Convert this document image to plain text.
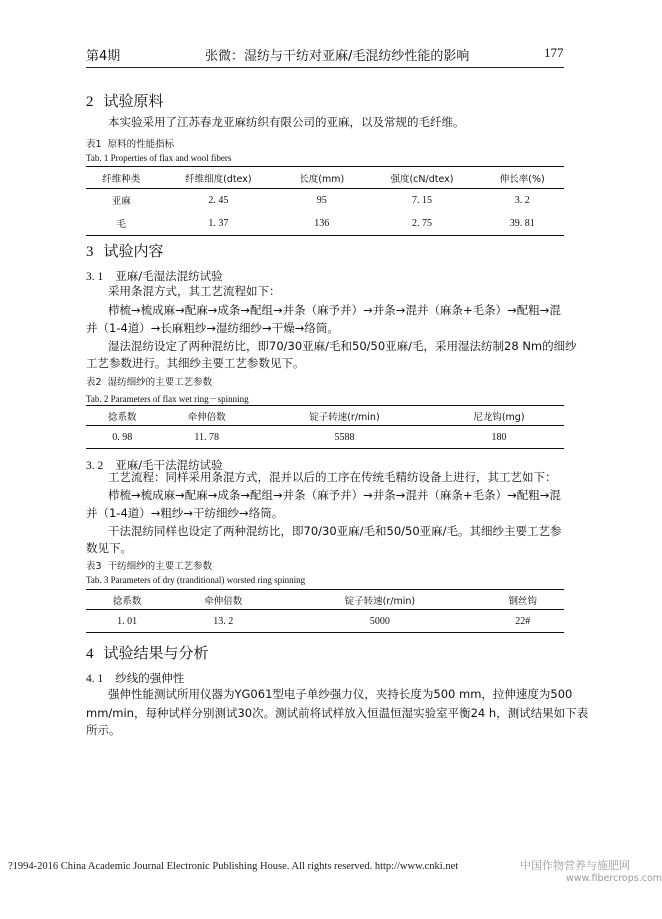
第4期	张微：湿纺与干纺对亚麻/毛混纺纱性能的影响	177
2 试验原料
本实验采用了江苏春龙亚麻纺织有限公司的亚麻，以及常规的毛纤维。
表1 原料的性能指标
Tab. 1 Properties of flax and wool fibers
纤维种类	纤维细度(dtex)	长度(mm)	强度(cN/dtex)	伸长率(%)
亚麻	2. 45	95	7. 15	3. 2
毛	1. 37	136	2. 75	39. 81
3 试验内容
3. 1 亚麻/毛湿法混纺试验
采用条混方式，其工艺流程如下：
栉梳→梳成麻→配麻→成条→配组→并条（麻予并）→并条→混并（麻条+毛条）→配粗→混
并（1-4道）→长麻粗纱→湿纺细纱→干燥→络筒。
湿法混纺设定了两种混纺比，即70/30亚麻/毛和50/50亚麻/毛，采用湿法纺制28 Nm的细纱
工艺参数进行。其细纱主要工艺参数见下。
表2 湿纺细纱的主要工艺参数
Tab. 2 Parameters of flax wet ring－spinning
捻系数	牵伸倍数	锭子转速(r/min)	尼龙钩(mg)
0. 98	11. 78	5588	180
3. 2 亚麻/毛干法混纺试验
工艺流程：同样采用条混方式，混并以后的工序在传统毛精纺设备上进行，其工艺如下：
栉梳→梳成麻→配麻→成条→配组→并条（麻予并）→并条→混并（麻条+毛条）→配粗→混
并（1-4道）→粗纱→干纺细纱→络筒。
干法混纺同样也设定了两种混纺比，即70/30亚麻/毛和50/50亚麻/毛。其细纱主要工艺参
数见下。
表3 干纺细纱的主要工艺参数
Tab. 3 Parameters of dry (tranditional) worsted ring spinning
捻系数	牵伸倍数	锭子转速(r/min)	钢丝钩
1. 01	13. 2	5000	22#
4 试验结果与分析
4. 1 纱线的强伸性
强伸性能测试所用仪器为YG061型电子单纱强力仪，夹持长度为500 mm，拉伸速度为500
mm/min，每种试样分别测试30次。测试前将试样放入恒温恒湿实验室平衡24 h，测试结果如下表
所示。
?1994-2016 China Academic Journal Electronic Publishing House. All rights reserved. http://www.cnki.net	中国作物营养与施肥网
www.fibercrops.com
